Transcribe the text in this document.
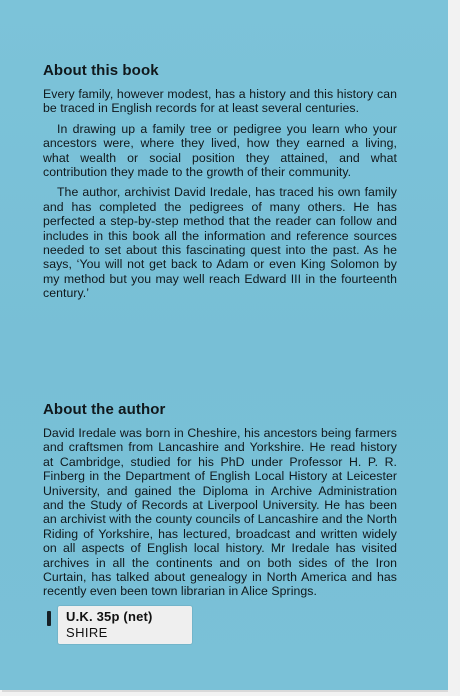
About this book

Every family, however modest, has a history and this history can be traced in English records for at least several centuries.

In drawing up a family tree or pedigree you learn who your ancestors were, where they lived, how they earned a living, what wealth or social position they attained, and what contribution they made to the growth of their community.

The author, archivist David Iredale, has traced his own family and has completed the pedigrees of many others. He has perfected a step-by-step method that the reader can follow and includes in this book all the information and reference sources needed to set about this fascinating quest into the past. As he says, ‘You will not get back to Adam or even King Solomon by my method but you may well reach Edward III in the fourteenth century.’

About the author

David Iredale was born in Cheshire, his ancestors being farmers and craftsmen from Lancashire and Yorkshire. He read history at Cambridge, studied for his PhD under Professor H. P. R. Finberg in the Department of English Local History at Leicester University, and gained the Diploma in Archive Administration and the Study of Records at Liverpool University. He has been an archivist with the county councils of Lancashire and the North Riding of Yorkshire, has lectured, broadcast and written widely on all aspects of English local history. Mr Iredale has visited archives in all the continents and on both sides of the Iron Curtain, has talked about genealogy in North America and has recently even been town librarian in Alice Springs.

U.K. 35p (net)
SHIRE
